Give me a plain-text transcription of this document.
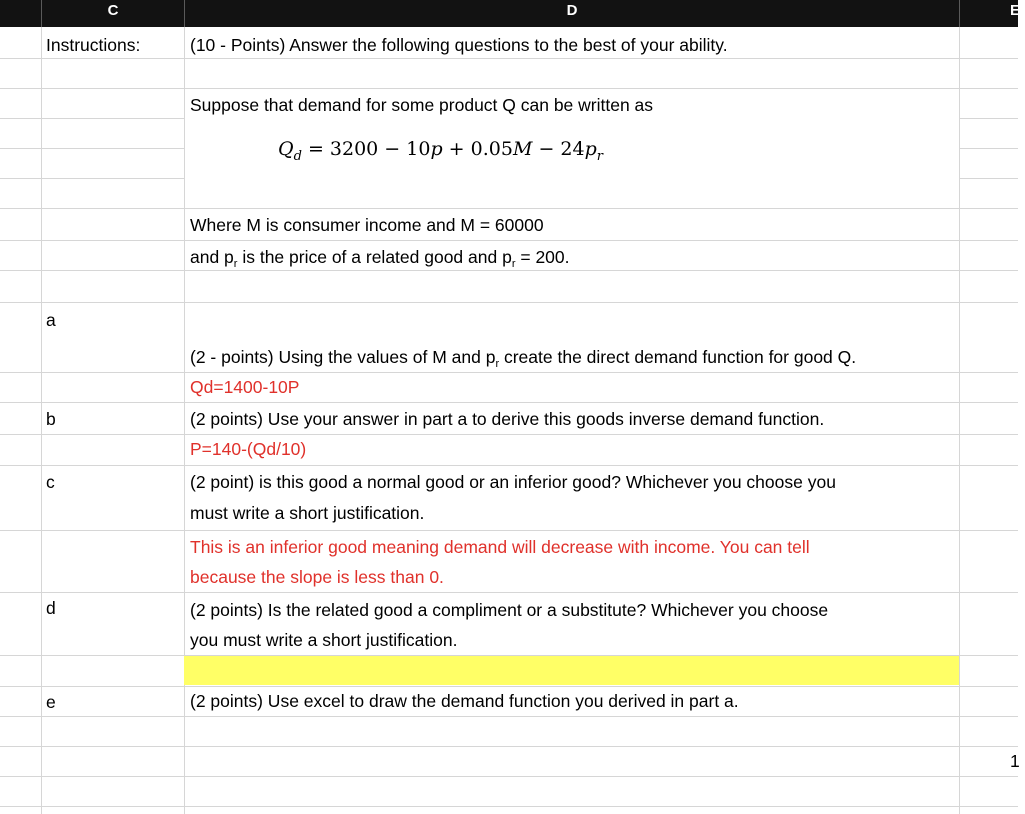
C	D	E
Instructions:
a
b
c
d
e
(10 - Points) Answer the following questions to the best of your ability.
Suppose that demand for some product Q can be written as
$Q_d = 3200 - 10p + 0.05M - 24p_r$
Where M is consumer income and M = 60000
and $p_r$ is the price of a related good and $p_r = 200$.
(2 - points) Using the values of M and $p_r$ create the direct demand function for good Q.
Qd=1400-10P
(2 points) Use your answer in part a to derive this goods inverse demand function.
P=140-(Qd/10)
(2 point) is this good a normal good or an inferior good? Whichever you choose you
must write a short justification.
This is an inferior good meaning demand will decrease with income. You can tell
because the slope is less than 0.
(2 points) Is the related good a compliment or a substitute? Whichever you choose
you must write a short justification.
(2 points) Use excel to draw the demand function you derived in part a.
1
